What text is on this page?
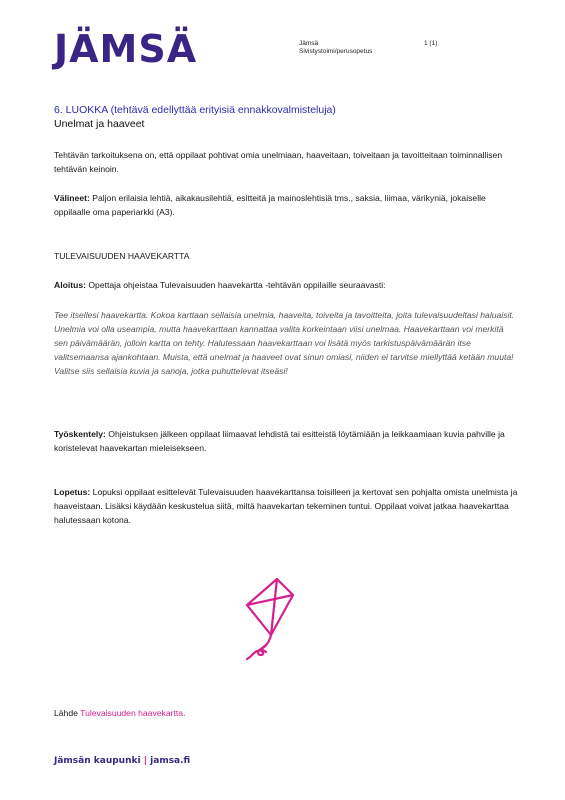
JÄMSÄ	Jämsä
Sivistystoimi/perusopetus
1 (1)
6. LUOKKA (tehtävä edellyttää erityisiä ennakkovalmisteluja)
Unelmat ja haaveet

Tehtävän tarkoituksena on, että oppilaat pohtivat omia unelmiaan, haaveitaan, toiveitaan ja tavoitteitaan toiminnallisen tehtävän keinoin.

Välineet: Paljon erilaisia lehtiä, aikakausilehtiä, esitteitä ja mainoslehtisiä tms., saksia, liimaa, värikyniä, jokaiselle oppilaalle oma paperiarkki (A3).

TULEVAISUUDEN HAAVEKARTTA

Aloitus: Opettaja ohjeistaa Tulevaisuuden haavekartta -tehtävän oppilaille seuraavasti:

Tee itsellesi haavekartta. Kokoa karttaan sellaisia unelmia, haaveita, toiveita ja tavoitteita, joita tulevaisuudeltasi haluaisit. Unelmia voi olla useampia, mutta haavekarttaan kannattaa valita korkeintaan viisi unelmaa. Haavekarttaan voi merkitä sen päivämäärän, jolloin kartta on tehty. Halutessaan haavekarttaan voi lisätä myös tarkistuspäivämäärän itse valitsemaansa ajankohtaan. Muista, että unelmat ja haaveet ovat sinun omiasi, niiden ei tarvitse miellyttää ketään muuta! Valitse siis sellaisia kuvia ja sanoja, jotka puhuttelevat itseäsi!

Työskentely: Ohjeistuksen jälkeen oppilaat liimaavat lehdistä tai esitteistä löytämiään ja leikkaamiaan kuvia pahville ja koristelevat haavekartan mieleisekseen.

Lopetus: Lopuksi oppilaat esittelevät Tulevaisuuden haavekarttansa toisilleen ja kertovat sen pohjalta omista unelmista ja haaveistaan. Lisäksi käydään keskustelua siitä, miltä haavekartan tekeminen tuntui. Oppilaat voivat jatkaa haavekarttaa halutessaan kotona.

Lähde Tulevaisuuden haavekartta.

Jämsän kaupunki | jamsa.fi
